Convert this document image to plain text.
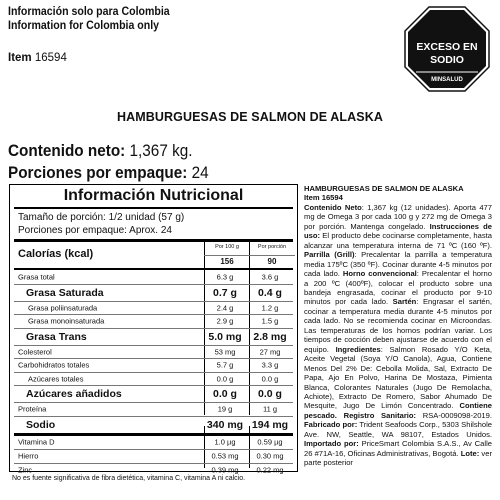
Información solo para Colombia
Information for Colombia only
Item 16594
EXCESO EN
SODIO
MINSALUD
HAMBURGUESAS DE SALMON DE ALASKA
Contenido neto: 1,367 kg.
Porciones por empaque: 24
Información Nutricional
Tamaño de porción: 1/2 unidad (57 g)
Porciones por empaque: Aprox. 24
Calorías (kcal)
Por 100 g	Por porción
156	90
Grasa total	6.3 g	3.6 g
Grasa Saturada	0.7 g	0.4 g
Grasa poliinsaturada	2.4 g	1.2 g
Grasa monoinsaturada	2.9 g	1.5 g
Grasa Trans	5.0 mg	2.8 mg
Colesterol	53 mg	27 mg
Carbohidratos totales	5.7 g	3.3 g
Azúcares totales	0.0 g	0.0 g
Azúcares añadidos	0.0 g	0.0 g
Proteína	19 g	11 g
Sodio	340 mg 194 mg
Vitamina D	1.0 µg	0.59 µg
Hierro	0.53 mg	0.30 mg
Zinc	0.39 mg	0.22 mg
No es fuente significativa de fibra dietética, vitamina C, vitamina A ni calcio.
HAMBURGUESAS DE SALMON DE ALASKA
Item 16594
Contenido Neto: 1,367 kg (12 unidades). Aporta 477 mg de Omega 3 por cada 100 g y 272 mg de Omega 3 por porción. Mantenga congelado. Instrucciones de uso: El producto debe cocinarse completamente, hasta alcanzar una temperatura interna de 71 ºC (160 ºF). Parrilla (Grill): Precalentar la parrilla a temperatura media 175ºC (350 ºF). Cocinar durante 4-5 minutos por cada lado. Horno convencional: Precalentar el horno a 200 ºC (400ºF), colocar el producto sobre una bandeja engrasada, cocinar el producto por 9-10 minutos por cada lado. Sartén: Engrasar el sartén, cocinar a temperatura media durante 4-5 minutos por cada lado. No se recomienda cocinar en Microondas. Las temperaturas de los hornos podrían variar. Los tiempos de cocción deben ajustarse de acuerdo con el equipo. Ingredientes: Salmon Rosado Y/O Keta, Aceite Vegetal (Soya Y/O Canola), Agua, Contiene Menos Del 2% De: Cebolla Molida, Sal, Extracto De Papa, Ajo En Polvo, Harina De Mostaza, Pimienta Blanca, Colorantes Naturales (Jugo De Remolacha, Achiote), Extracto De Romero, Sabor Ahumado De Mesquite, Jugo De Limón Concentrado. Contiene pescado. Registro Sanitario: RSA-0009098-2019. Fabricado por: Trident Seafoods Corp., 5303 Shilshole Ave. NW, Seattle, WA 98107, Estados Unidos. Importado por: PriceSmart Colombia S.A.S., Av Calle 26 #71A-16, Oficinas Administrativas, Bogotá. Lote: ver parte posterior
